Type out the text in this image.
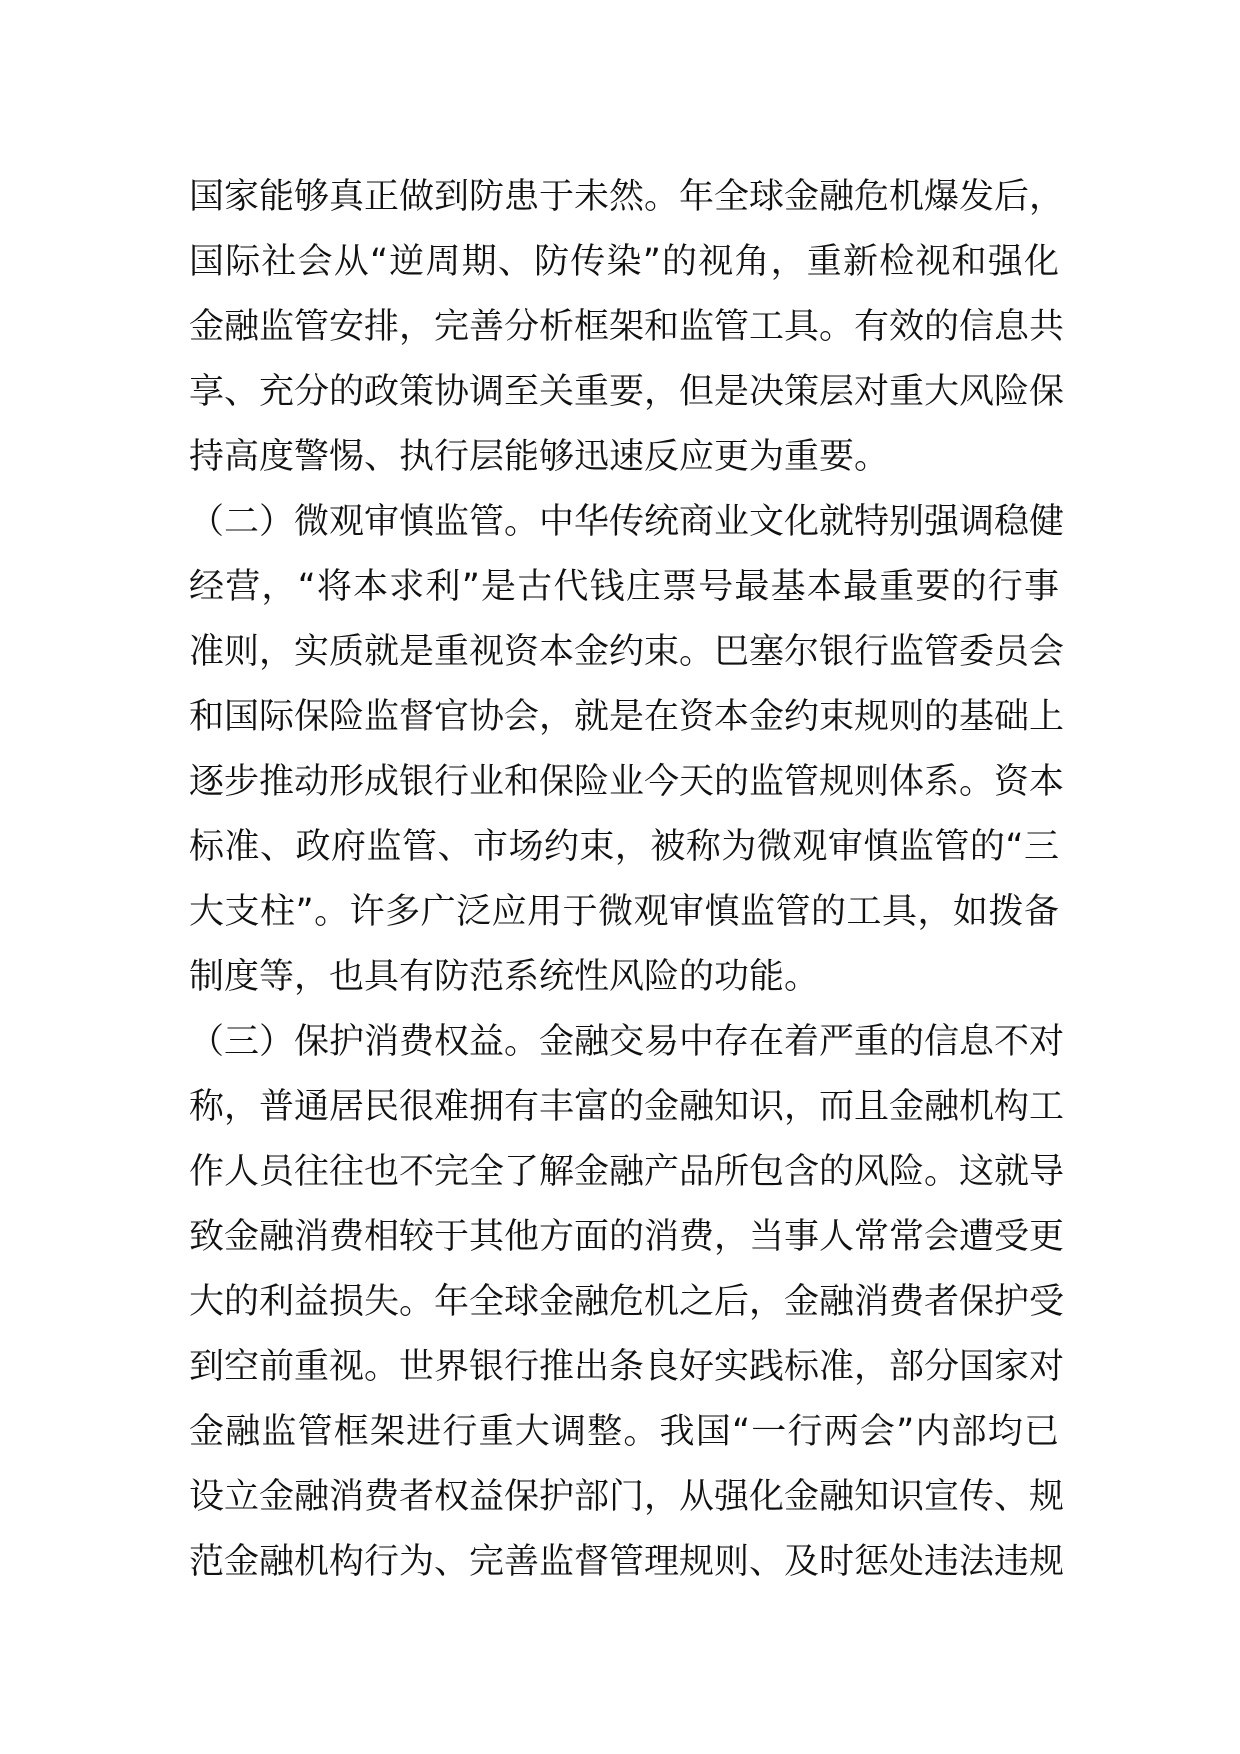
国家能够真正做到防患于未然。年全球金融危机爆发后，
国际社会从“逆周期、防传染”的视角，重新检视和强化
金融监管安排，完善分析框架和监管工具。有效的信息共
享、充分的政策协调至关重要，但是决策层对重大风险保
持高度警惕、执行层能够迅速反应更为重要。
（二）微观审慎监管。中华传统商业文化就特别强调稳健
经营，“将本求利”是古代钱庄票号最基本最重要的行事
准则，实质就是重视资本金约束。巴塞尔银行监管委员会
和国际保险监督官协会，就是在资本金约束规则的基础上
逐步推动形成银行业和保险业今天的监管规则体系。资本
标准、政府监管、市场约束，被称为微观审慎监管的“三
大支柱”。许多广泛应用于微观审慎监管的工具，如拨备
制度等，也具有防范系统性风险的功能。
（三）保护消费权益。金融交易中存在着严重的信息不对
称，普通居民很难拥有丰富的金融知识，而且金融机构工
作人员往往也不完全了解金融产品所包含的风险。这就导
致金融消费相较于其他方面的消费，当事人常常会遭受更
大的利益损失。年全球金融危机之后，金融消费者保护受
到空前重视。世界银行推出条良好实践标准，部分国家对
金融监管框架进行重大调整。我国“一行两会”内部均已
设立金融消费者权益保护部门，从强化金融知识宣传、规
范金融机构行为、完善监督管理规则、及时惩处违法违规
